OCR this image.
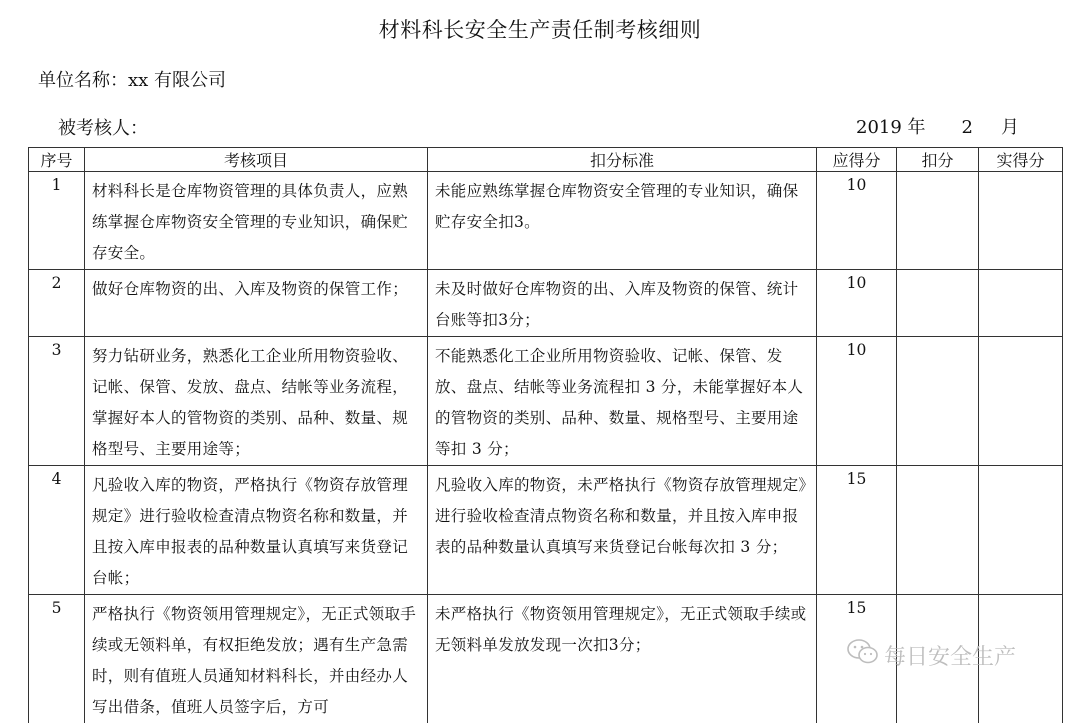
材料科长安全生产责任制考核细则
单位名称：xx 有限公司
被考核人：	2019 年 2 月
序号	考核项目	扣分标准	应得分	扣分	实得分
1	材料科长是仓库物资管理的具体负责人，应熟练掌握仓库物资安全管理的专业知识，确保贮存安全。	未能应熟练掌握仓库物资安全管理的专业知识，确保贮存安全扣3。	10		
2	做好仓库物资的出、入库及物资的保管工作；	未及时做好仓库物资的出、入库及物资的保管、统计台账等扣3分；	10		
3	努力钻研业务，熟悉化工企业所用物资验收、记帐、保管、发放、盘点、结帐等业务流程，掌握好本人的管物资的类别、品种、数量、规格型号、主要用途等；	不能熟悉化工企业所用物资验收、记帐、保管、发放、盘点、结帐等业务流程扣 3 分，未能掌握好本人的管物资的类别、品种、数量、规格型号、主要用途等扣 3 分；	10		
4	凡验收入库的物资，严格执行《物资存放管理规定》进行验收检查清点物资名称和数量，并且按入库申报表的品种数量认真填写来货登记台帐；	凡验收入库的物资，未严格执行《物资存放管理规定》进行验收检查清点物资名称和数量，并且按入库申报表的品种数量认真填写来货登记台帐每次扣 3 分；	15		
5	严格执行《物资领用管理规定》，无正式领取手续或无领料单，有权拒绝发放；遇有生产急需时，则有值班人员通知材料科长，并由经办人写出借条，值班人员签字后，方可	未严格执行《物资领用管理规定》，无正式领取手续或无领料单发放发现一次扣3分；	15		
每日安全生产
